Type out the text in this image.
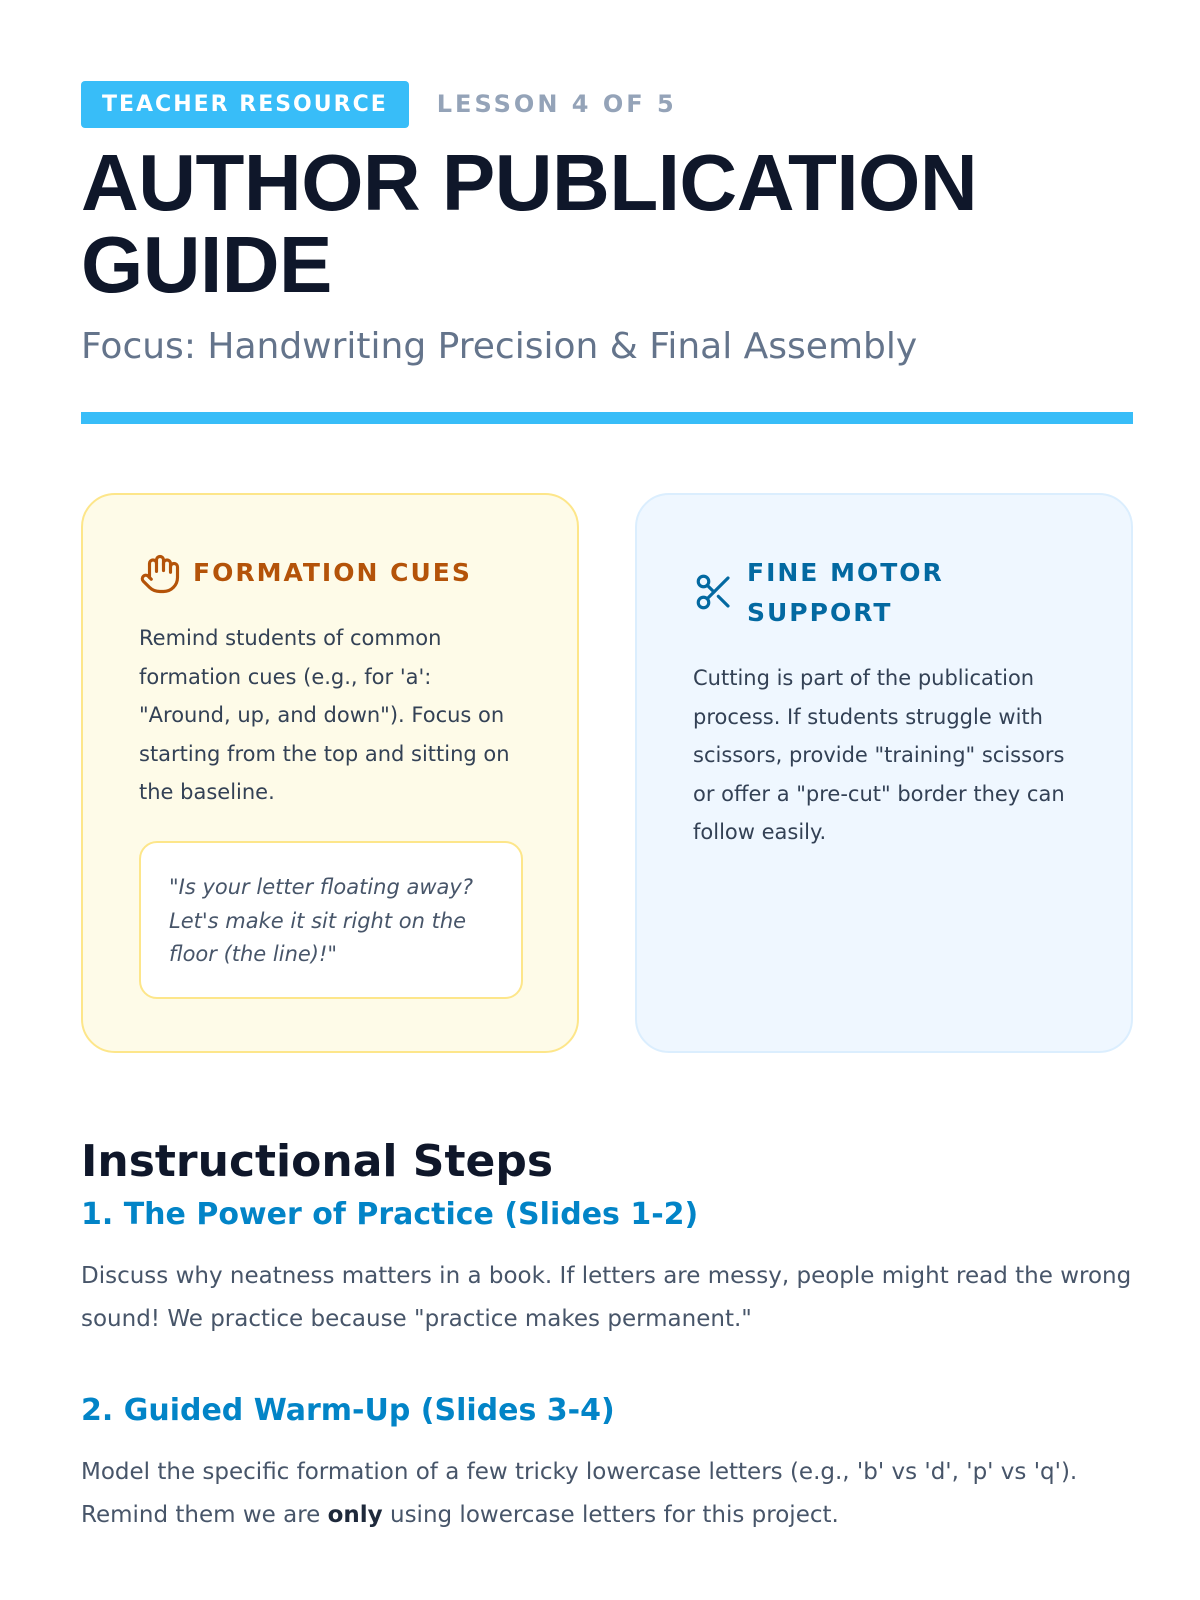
TEACHER RESOURCE	LESSON 4 OF 5
AUTHOR PUBLICATION
GUIDE
Focus: Handwriting Precision & Final Assembly
FORMATION CUES
Remind students of common formation cues (e.g., for 'a': "Around, up, and down"). Focus on starting from the top and sitting on the baseline.
"Is your letter floating away? Let's make it sit right on the floor (the line)!"
FINE MOTOR SUPPORT
Cutting is part of the publication process. If students struggle with scissors, provide "training" scissors or offer a "pre-cut" border they can follow easily.
Instructional Steps
1. The Power of Practice (Slides 1-2)
Discuss why neatness matters in a book. If letters are messy, people might read the wrong sound! We practice because "practice makes permanent."
2. Guided Warm-Up (Slides 3-4)
Model the specific formation of a few tricky lowercase letters (e.g., 'b' vs 'd', 'p' vs 'q'). Remind them we are only using lowercase letters for this project.
